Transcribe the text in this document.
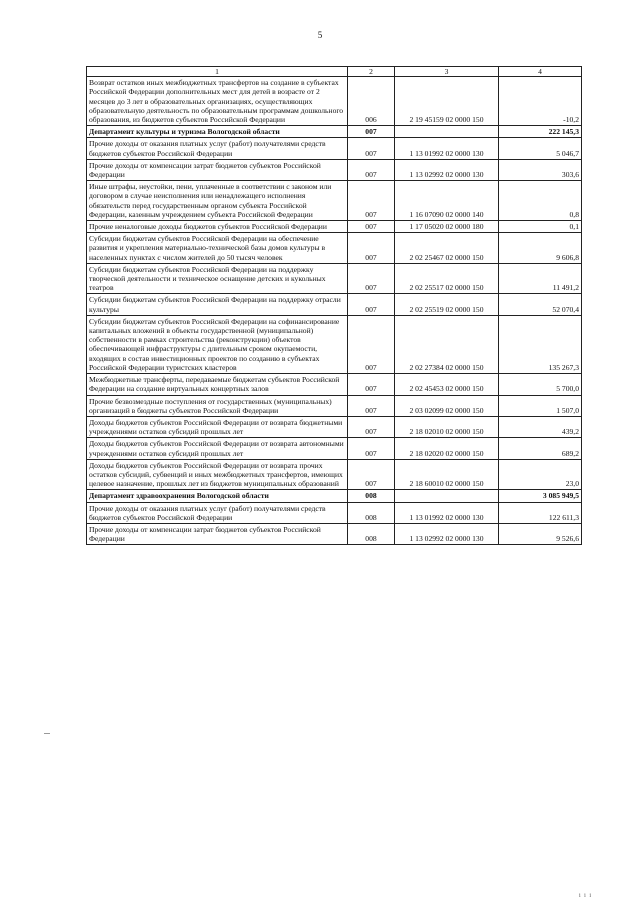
5
1	2	3	4
Возврат остатков иных межбюджетных трансфертов на создание в субъектах Российской Федерации дополнительных мест для детей в возрасте от 2 месяцев до 3 лет в образовательных организациях, осуществляющих образовательную деятельность по образовательным программам дошкольного образования, из бюджетов субъектов Российской Федерации	006	2 19 45159 02 0000 150	-10,2
Департамент культуры и туризма Вологодской области	007		222 145,3
Прочие доходы от оказания платных услуг (работ) получателями средств бюджетов субъектов Российской Федерации	007	1 13 01992 02 0000 130	5 046,7
Прочие доходы от компенсации затрат бюджетов субъектов Российской Федерации	007	1 13 02992 02 0000 130	303,6
Иные штрафы, неустойки, пени, уплаченные в соответствии с законом или договором в случае неисполнения или ненадлежащего исполнения обязательств перед государственным органом субъекта Российской Федерации, казенным учреждением субъекта Российской Федерации	007	1 16 07090 02 0000 140	0,8
Прочие неналоговые доходы бюджетов субъектов Российской Федерации	007	1 17 05020 02 0000 180	0,1
Субсидии бюджетам субъектов Российской Федерации на обеспечение развития и укрепления материально-технической базы домов культуры в населенных пунктах с числом жителей до 50 тысяч человек	007	2 02 25467 02 0000 150	9 606,8
Субсидии бюджетам субъектов Российской Федерации на поддержку творческой деятельности и техническое оснащение детских и кукольных театров	007	2 02 25517 02 0000 150	11 491,2
Субсидии бюджетам субъектов Российской Федерации на поддержку отрасли культуры	007	2 02 25519 02 0000 150	52 070,4
Субсидии бюджетам субъектов Российской Федерации на софинансирование капитальных вложений в объекты государственной (муниципальной) собственности в рамках строительства (реконструкции) объектов обеспечивающей инфраструктуры с длительным сроком окупаемости, входящих в состав инвестиционных проектов по созданию в субъектах Российской Федерации туристских кластеров	007	2 02 27384 02 0000 150	135 267,3
Межбюджетные трансферты, передаваемые бюджетам субъектов Российской Федерации на создание виртуальных концертных залов	007	2 02 45453 02 0000 150	5 700,0
Прочие безвозмездные поступления от государственных (муниципальных) организаций в бюджеты субъектов Российской Федерации	007	2 03 02099 02 0000 150	1 507,0
Доходы бюджетов субъектов Российской Федерации от возврата бюджетными учреждениями остатков субсидий прошлых лет	007	2 18 02010 02 0000 150	439,2
Доходы бюджетов субъектов Российской Федерации от возврата автономными учреждениями остатков субсидий прошлых лет	007	2 18 02020 02 0000 150	689,2
Доходы бюджетов субъектов Российской Федерации от возврата прочих остатков субсидий, субвенций и иных межбюджетных трансфертов, имеющих целевое назначение, прошлых лет из бюджетов муниципальных образований	007	2 18 60010 02 0000 150	23,0
Департамент здравоохранения Вологодской области	008		3 085 949,5
Прочие доходы от оказания платных услуг (работ) получателями средств бюджетов субъектов Российской Федерации	008	1 13 01992 02 0000 130	122 611,3
Прочие доходы от компенсации затрат бюджетов субъектов Российской Федерации	008	1 13 02992 02 0000 130	9 526,6
i i i
